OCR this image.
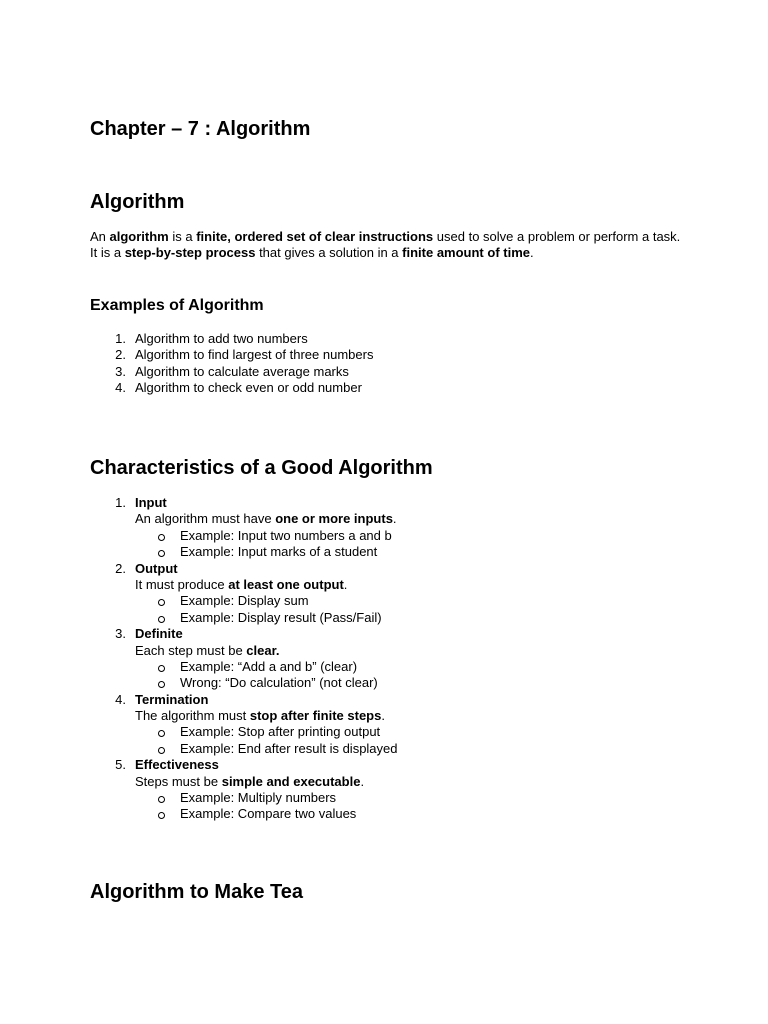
Chapter – 7 : Algorithm
Algorithm

An algorithm is a finite, ordered set of clear instructions used to solve a problem or perform a task.

It is a step-by-step process that gives a solution in a finite amount of time.

Examples of Algorithm
1. Algorithm to add two numbers
2. Algorithm to find largest of three numbers
3. Algorithm to calculate average marks
4. Algorithm to check even or odd number
Characteristics of a Good Algorithm
1. Input
An algorithm must have one or more inputs.
Example: Input two numbers a and b
Example: Input marks of a student
2. Output
It must produce at least one output.
Example: Display sum
Example: Display result (Pass/Fail)
3. Definite
Each step must be clear.
Example: “Add a and b” (clear)
Wrong: “Do calculation” (not clear)
4. Termination
The algorithm must stop after finite steps.
Example: Stop after printing output
Example: End after result is displayed
5. Effectiveness
Steps must be simple and executable.
Example: Multiply numbers
Example: Compare two values
Algorithm to Make Tea
